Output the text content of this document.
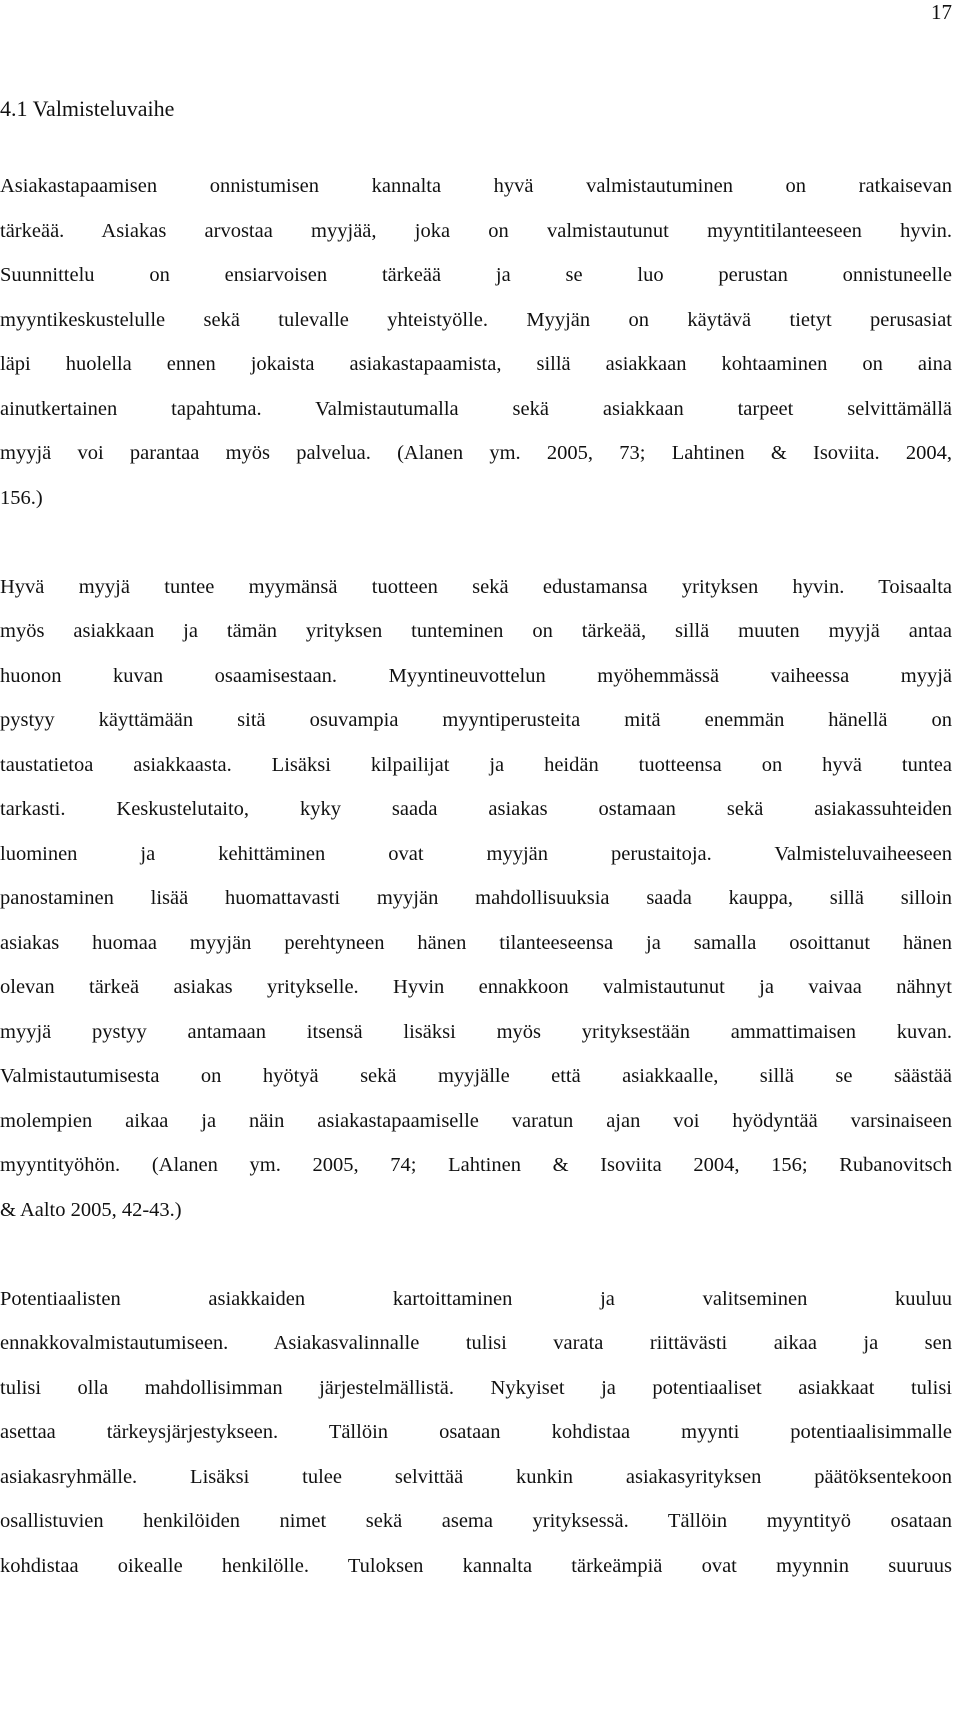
17
4.1 Valmisteluvaihe

Asiakastapaamisen onnistumisen kannalta hyvä valmistautuminen on ratkaisevan
tärkeää. Asiakas arvostaa myyjää, joka on valmistautunut myyntitilanteeseen hyvin.
Suunnittelu on ensiarvoisen tärkeää ja se luo perustan onnistuneelle
myyntikeskustelulle sekä tulevalle yhteistyölle. Myyjän on käytävä tietyt perusasiat
läpi huolella ennen jokaista asiakastapaamista, sillä asiakkaan kohtaaminen on aina
ainutkertainen tapahtuma. Valmistautumalla sekä asiakkaan tarpeet selvittämällä
myyjä voi parantaa myös palvelua. (Alanen ym. 2005, 73; Lahtinen & Isoviita. 2004,
156.)

Hyvä myyjä tuntee myymänsä tuotteen sekä edustamansa yrityksen hyvin. Toisaalta
myös asiakkaan ja tämän yrityksen tunteminen on tärkeää, sillä muuten myyjä antaa
huonon kuvan osaamisestaan. Myyntineuvottelun myöhemmässä vaiheessa myyjä
pystyy käyttämään sitä osuvampia myyntiperusteita mitä enemmän hänellä on
taustatietoa asiakkaasta. Lisäksi kilpailijat ja heidän tuotteensa on hyvä tuntea
tarkasti. Keskustelutaito, kyky saada asiakas ostamaan sekä asiakassuhteiden
luominen ja kehittäminen ovat myyjän perustaitoja. Valmisteluvaiheeseen
panostaminen lisää huomattavasti myyjän mahdollisuuksia saada kauppa, sillä silloin
asiakas huomaa myyjän perehtyneen hänen tilanteeseensa ja samalla osoittanut hänen
olevan tärkeä asiakas yritykselle. Hyvin ennakkoon valmistautunut ja vaivaa nähnyt
myyjä pystyy antamaan itsensä lisäksi myös yrityksestään ammattimaisen kuvan.
Valmistautumisesta on hyötyä sekä myyjälle että asiakkaalle, sillä se säästää
molempien aikaa ja näin asiakastapaamiselle varatun ajan voi hyödyntää varsinaiseen
myyntityöhön. (Alanen ym. 2005, 74; Lahtinen & Isoviita 2004, 156; Rubanovitsch
& Aalto 2005, 42-43.)

Potentiaalisten asiakkaiden kartoittaminen ja valitseminen kuuluu
ennakkovalmistautumiseen. Asiakasvalinnalle tulisi varata riittävästi aikaa ja sen
tulisi olla mahdollisimman järjestelmällistä. Nykyiset ja potentiaaliset asiakkaat tulisi
asettaa tärkeysjärjestykseen. Tällöin osataan kohdistaa myynti potentiaalisimmalle
asiakasryhmälle. Lisäksi tulee selvittää kunkin asiakasyrityksen päätöksentekoon
osallistuvien henkilöiden nimet sekä asema yrityksessä. Tällöin myyntityö osataan
kohdistaa oikealle henkilölle. Tuloksen kannalta tärkeämpiä ovat myynnin suuruus
